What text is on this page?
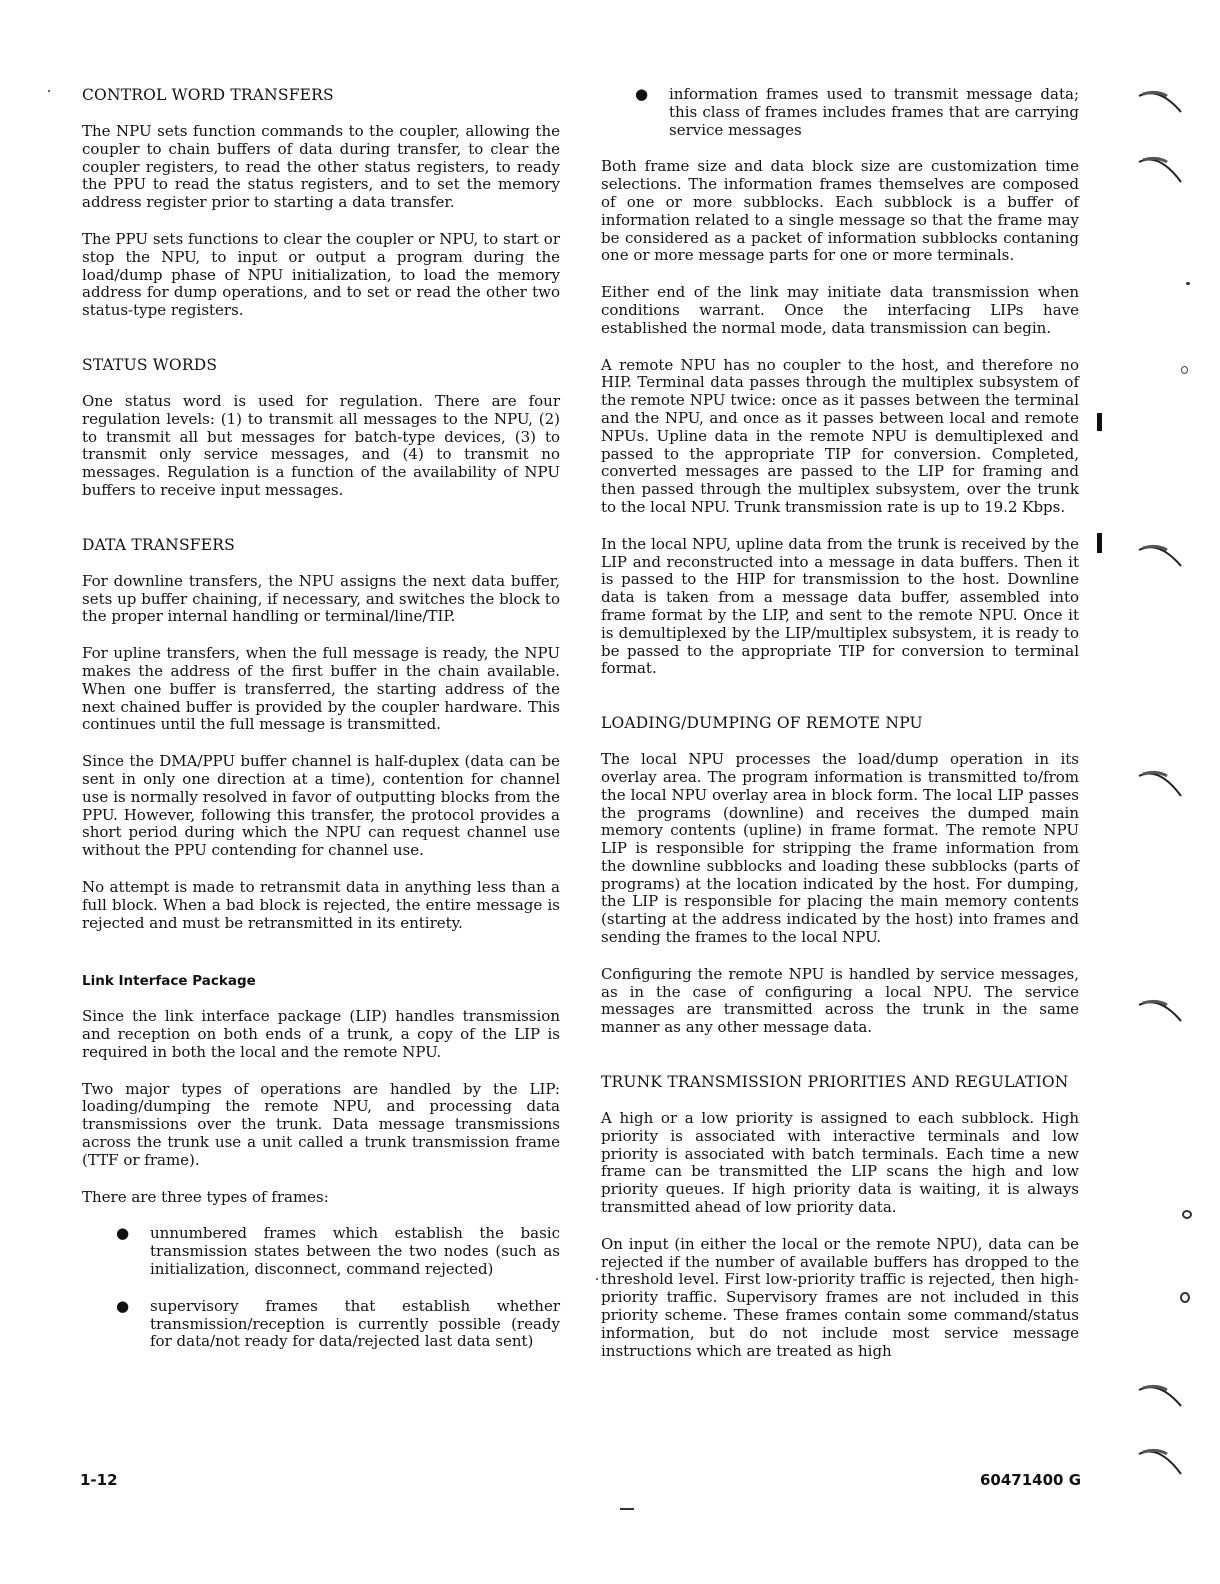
CONTROL WORD TRANSFERS

The NPU sets function commands to the coupler, allowing the coupler to chain buffers of data during transfer, to clear the coupler registers, to read the other status registers, to ready the PPU to read the status registers, and to set the memory address register prior to starting a data transfer.

The PPU sets functions to clear the coupler or NPU, to start or stop the NPU, to input or output a program during the load/dump phase of NPU initialization, to load the memory address for dump operations, and to set or read the other two status-type registers.

STATUS WORDS

One status word is used for regulation. There are four regulation levels: (1) to transmit all messages to the NPU, (2) to transmit all but messages for batch-type devices, (3) to transmit only service messages, and (4) to transmit no messages. Regulation is a function of the availability of NPU buffers to receive input messages.

DATA TRANSFERS

For downline transfers, the NPU assigns the next data buffer, sets up buffer chaining, if necessary, and switches the block to the proper internal handling or terminal/line/TIP.

For upline transfers, when the full message is ready, the NPU makes the address of the first buffer in the chain available. When one buffer is transferred, the starting address of the next chained buffer is provided by the coupler hardware. This continues until the full message is transmitted.

Since the DMA/PPU buffer channel is half-duplex (data can be sent in only one direction at a time), contention for channel use is normally resolved in favor of outputting blocks from the PPU. However, following this transfer, the protocol provides a short period during which the NPU can request channel use without the PPU contending for channel use.

No attempt is made to retransmit data in anything less than a full block. When a bad block is rejected, the entire message is rejected and must be retransmitted in its entirety.

Link Interface Package

Since the link interface package (LIP) handles transmission and reception on both ends of a trunk, a copy of the LIP is required in both the local and the remote NPU.

Two major types of operations are handled by the LIP: loading/dumping the remote NPU, and processing data transmissions over the trunk. Data message transmissions across the trunk use a unit called a trunk transmission frame (TTF or frame).

There are three types of frames:

● unnumbered frames which establish the basic transmission states between the two nodes (such as initialization, disconnect, command rejected)
● supervisory frames that establish whether transmission/reception is currently possible (ready for data/not ready for data/rejected last data sent)
● information frames used to transmit message data; this class of frames includes frames that are carrying service messages

Both frame size and data block size are customization time selections. The information frames themselves are composed of one or more subblocks. Each subblock is a buffer of information related to a single message so that the frame may be considered as a packet of information subblocks contaning one or more message parts for one or more terminals.

Either end of the link may initiate data transmission when conditions warrant. Once the interfacing LIPs have established the normal mode, data transmission can begin.

A remote NPU has no coupler to the host, and therefore no HIP. Terminal data passes through the multiplex subsystem of the remote NPU twice: once as it passes between the terminal and the NPU, and once as it passes between local and remote NPUs. Upline data in the remote NPU is demultiplexed and passed to the appropriate TIP for conversion. Completed, converted messages are passed to the LIP for framing and then passed through the multiplex subsystem, over the trunk to the local NPU. Trunk transmission rate is up to 19.2 Kbps.

In the local NPU, upline data from the trunk is received by the LIP and reconstructed into a message in data buffers. Then it is passed to the HIP for transmission to the host. Downline data is taken from a message data buffer, assembled into frame format by the LIP, and sent to the remote NPU. Once it is demultiplexed by the LIP/multiplex subsystem, it is ready to be passed to the appropriate TIP for conversion to terminal format.

LOADING/DUMPING OF REMOTE NPU

The local NPU processes the load/dump operation in its overlay area. The program information is transmitted to/from the local NPU overlay area in block form. The local LIP passes the programs (downline) and receives the dumped main memory contents (upline) in frame format. The remote NPU LIP is responsible for stripping the frame information from the downline subblocks and loading these subblocks (parts of programs) at the location indicated by the host. For dumping, the LIP is responsible for placing the main memory contents (starting at the address indicated by the host) into frames and sending the frames to the local NPU.

Configuring the remote NPU is handled by service messages, as in the case of configuring a local NPU. The service messages are transmitted across the trunk in the same manner as any other message data.

TRUNK TRANSMISSION PRIORITIES AND REGULATION

A high or a low priority is assigned to each subblock. High priority is associated with interactive terminals and low priority is associated with batch terminals. Each time a new frame can be transmitted the LIP scans the high and low priority queues. If high priority data is waiting, it is always transmitted ahead of low priority data.

On input (in either the local or the remote NPU), data can be rejected if the number of available buffers has dropped to the threshold level. First low-priority traffic is rejected, then high-priority traffic. Supervisory frames are not included in this priority scheme. These frames contain some command/status information, but do not include most service message instructions which are treated as high

1-12	60471400 G
